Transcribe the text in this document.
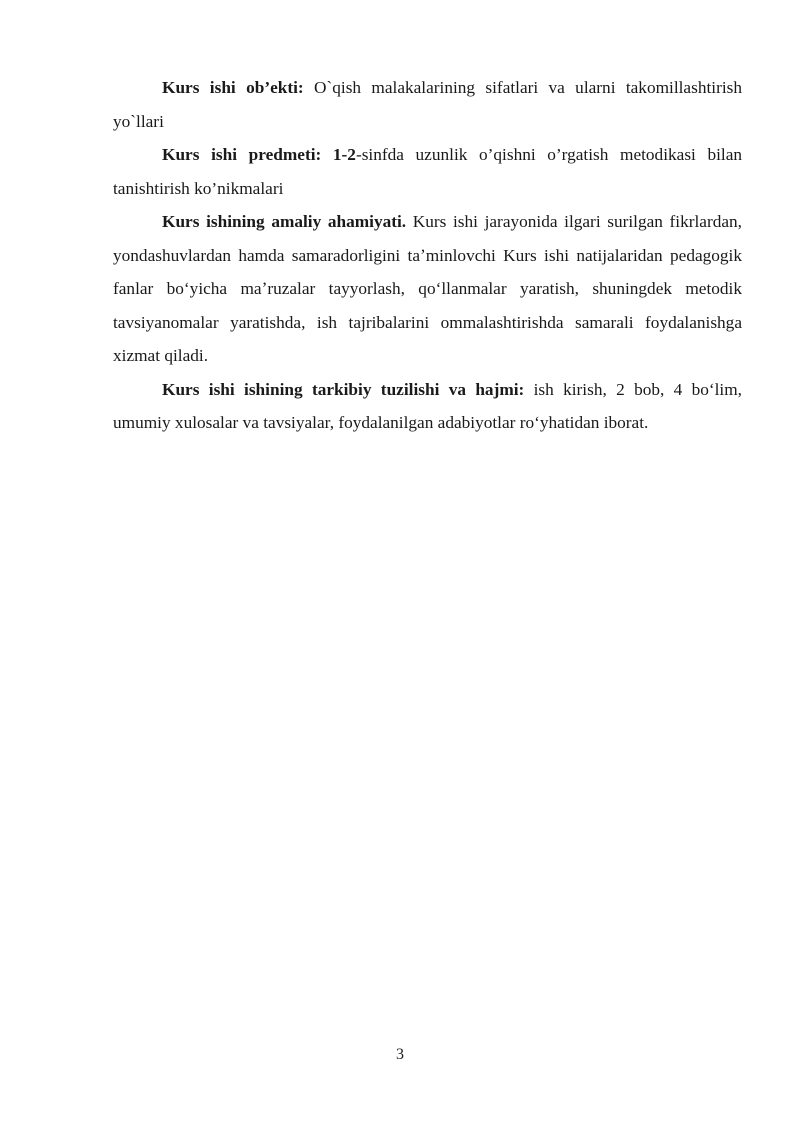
Kurs ishi ob’ekti: O`qish malakalarining sifatlari va ularni takomillashtirish yo`llari

Kurs ishi predmeti: 1-2-sinfda uzunlik o’qishni o’rgatish metodikasi bilan tanishtirish ko’nikmalari

Kurs ishining amaliy ahamiyati. Kurs ishi jarayonida ilgari surilgan fikrlardan, yondashuvlardan hamda samaradorligini taʼminlovchi Kurs ishi natijalaridan pedagogik fanlar bo‘yicha maʼruzalar tayyorlash, qo‘llanmalar yaratish, shuningdek metodik tavsiyanomalar yaratishda, ish tajribalarini ommalashtirishda samarali foydalanishga xizmat qiladi.

Kurs ishi ishining tarkibiy tuzilishi va hajmi: ish kirish, 2 bob, 4 bo‘lim, umumiy xulosalar va tavsiyalar, foydalanilgan adabiyotlar ro‘yhatidan iborat.

3
